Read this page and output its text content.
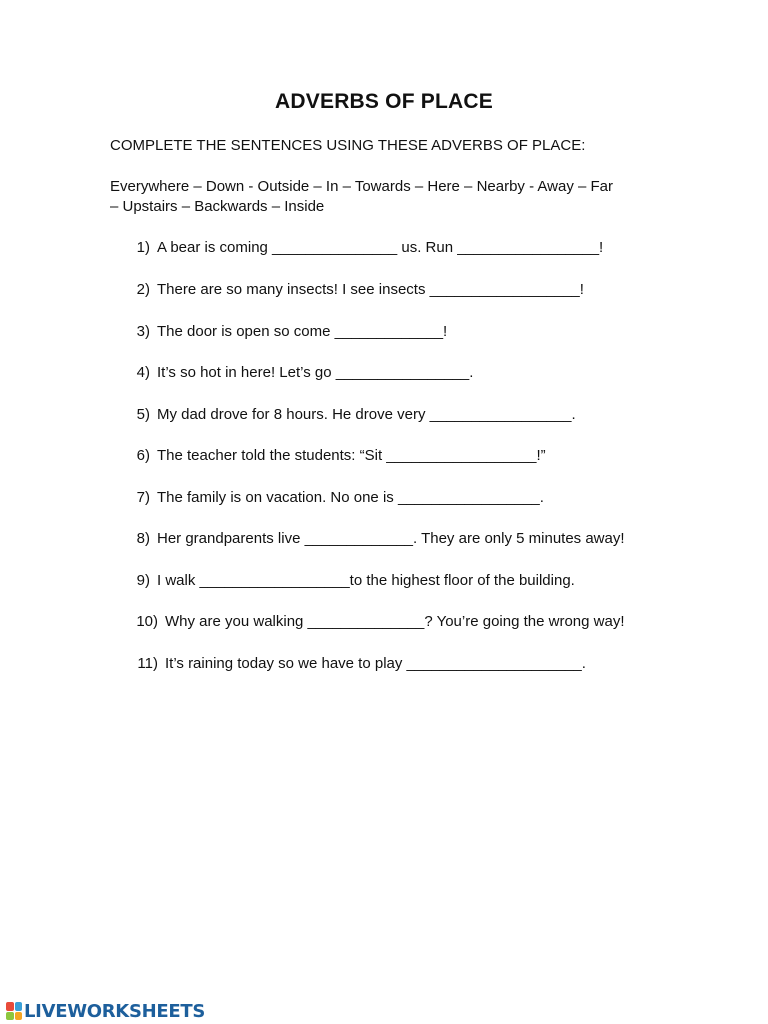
ADVERBS OF PLACE
COMPLETE THE SENTENCES USING THESE ADVERBS OF PLACE:
Everywhere – Down - Outside – In – Towards – Here – Nearby - Away – Far
– Upstairs – Backwards – Inside
1) A bear is coming _______________ us. Run _________________!
2) There are so many insects! I see insects __________________!
3) The door is open so come _____________!
4) It’s so hot in here! Let’s go ________________.
5) My dad drove for 8 hours. He drove very _________________.
6) The teacher told the students: “Sit __________________!”
7) The family is on vacation. No one is _________________.
8) Her grandparents live _____________. They are only 5 minutes away!
9) I walk __________________to the highest floor of the building.
10) Why are you walking ______________? You’re going the wrong way!
11) It’s raining today so we have to play _____________________.
LIVEWORKSHEETS
